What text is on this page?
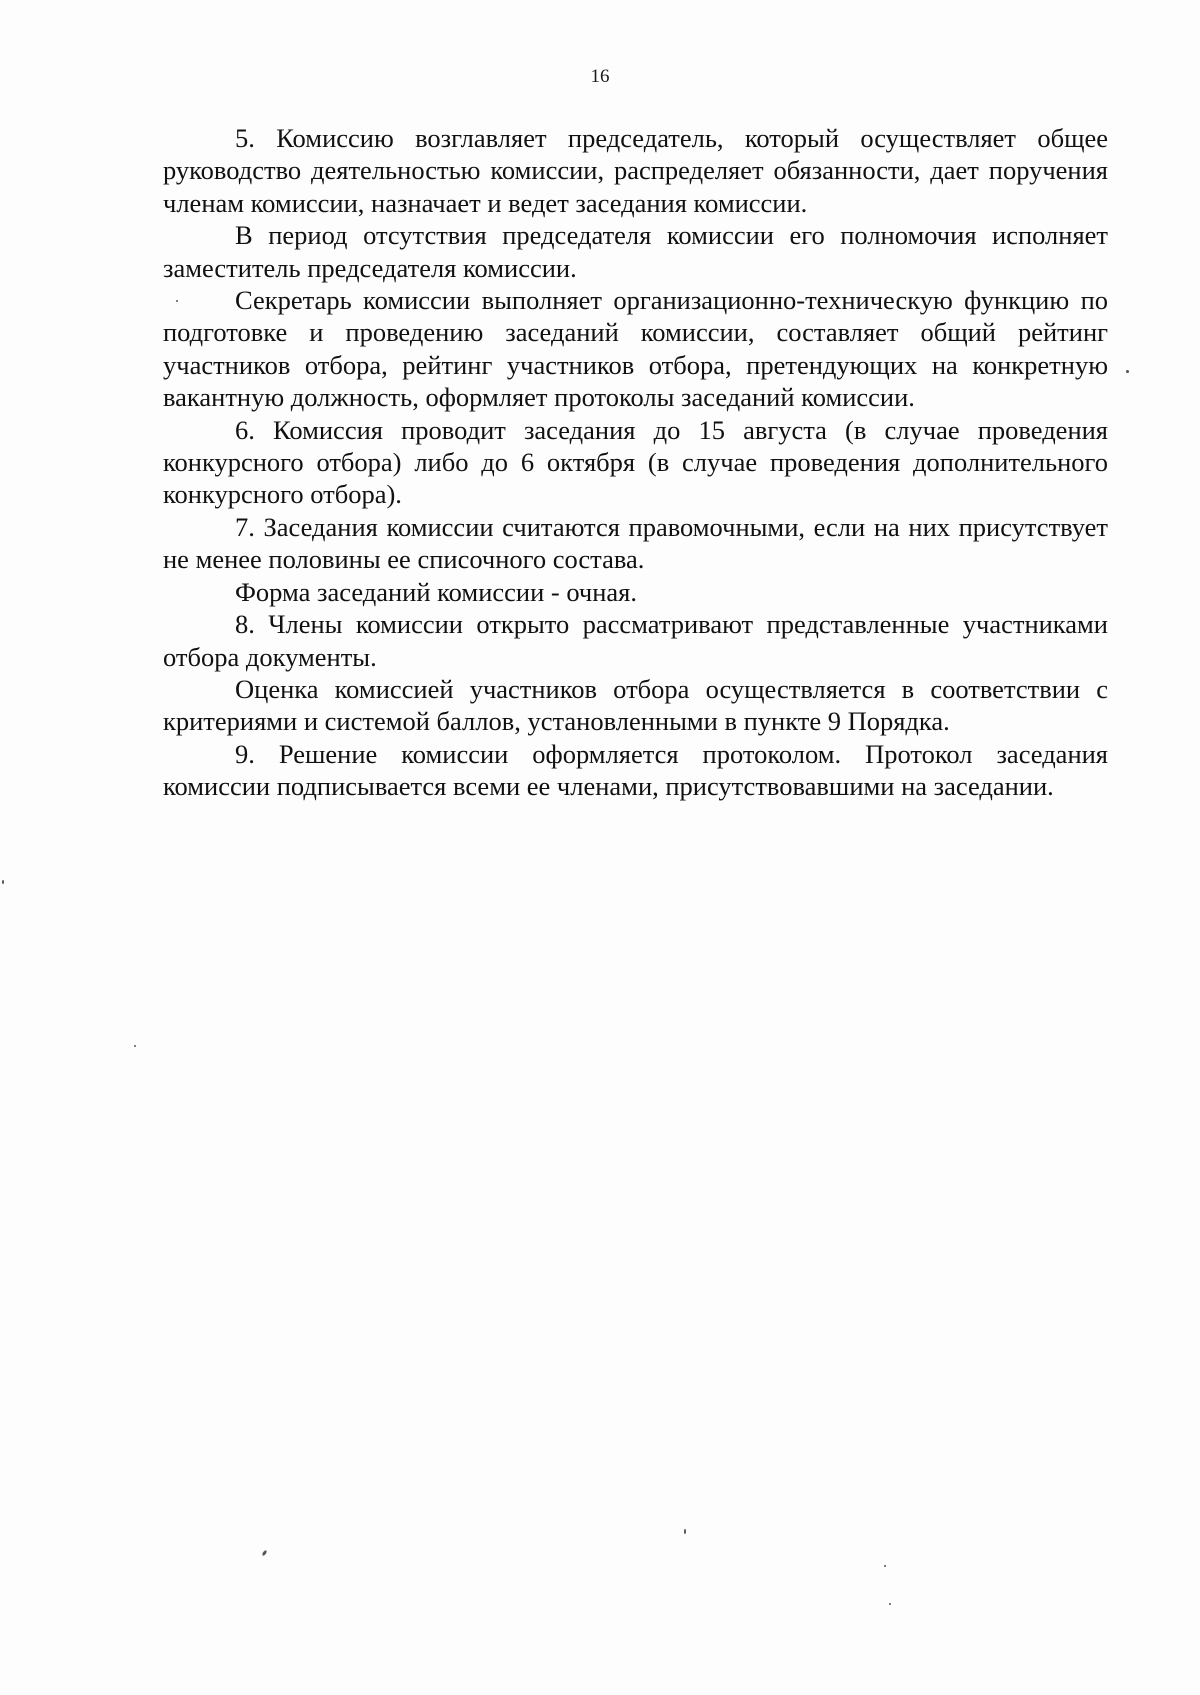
16

5. Комиссию возглавляет председатель, который осуществляет общее руководство деятельностью комиссии, распределяет обязанности, дает поручения членам комиссии, назначает и ведет заседания комиссии.

В период отсутствия председателя комиссии его полномочия исполняет заместитель председателя комиссии.

Секретарь комиссии выполняет организационно-техническую функцию по подготовке и проведению заседаний комиссии, составляет общий рейтинг участников отбора, рейтинг участников отбора, претендующих на конкретную вакантную должность, оформляет протоколы заседаний комиссии.

6. Комиссия проводит заседания до 15 августа (в случае проведения конкурсного отбора) либо до 6 октября (в случае проведения дополнительного конкурсного отбора).

7. Заседания комиссии считаются правомочными, если на них присутствует не менее половины ее списочного состава.

Форма заседаний комиссии - очная.

8. Члены комиссии открыто рассматривают представленные участниками отбора документы.

Оценка комиссией участников отбора осуществляется в соответствии с критериями и системой баллов, установленными в пункте 9 Порядка.

9. Решение комиссии оформляется протоколом. Протокол заседания комиссии подписывается всеми ее членами, присутствовавшими на заседании.
